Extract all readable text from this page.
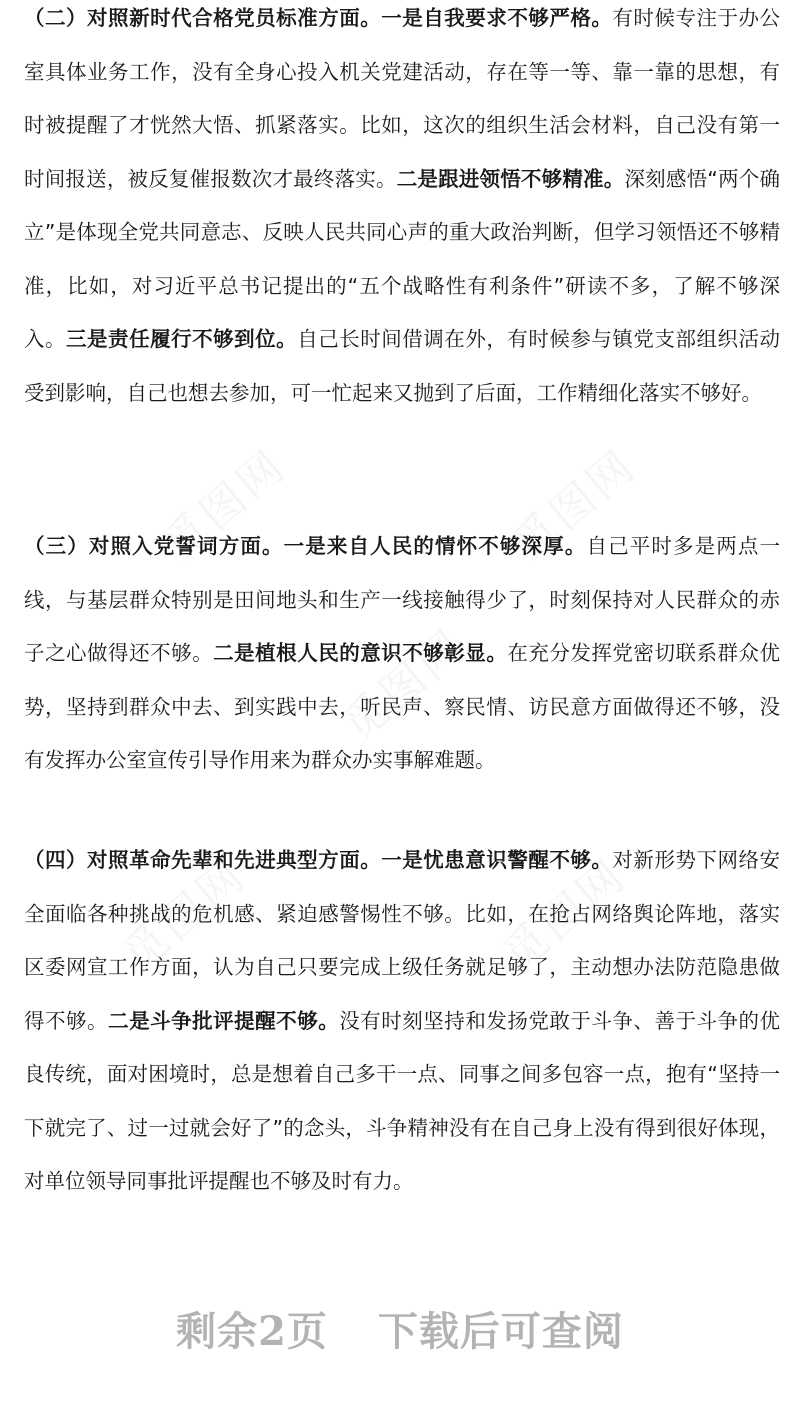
（二）对照新时代合格党员标准方面。一是自我要求不够严格。有时候专注于办公室具体业务工作，没有全身心投入机关党建活动，存在等一等、靠一靠的思想，有时被提醒了才恍然大悟、抓紧落实。比如，这次的组织生活会材料，自己没有第一时间报送，被反复催报数次才最终落实。二是跟进领悟不够精准。深刻感悟“两个确立”是体现全党共同意志、反映人民共同心声的重大政治判断，但学习领悟还不够精准，比如，对习近平总书记提出的“五个战略性有利条件”研读不多，了解不够深入。三是责任履行不够到位。自己长时间借调在外，有时候参与镇党支部组织活动受到影响，自己也想去参加，可一忙起来又抛到了后面，工作精细化落实不够好。

（三）对照入党誓词方面。一是来自人民的情怀不够深厚。自己平时多是两点一线，与基层群众特别是田间地头和生产一线接触得少了，时刻保持对人民群众的赤子之心做得还不够。二是植根人民的意识不够彰显。在充分发挥党密切联系群众优势，坚持到群众中去、到实践中去，听民声、察民情、访民意方面做得还不够，没有发挥办公室宣传引导作用来为群众办实事解难题。

（四）对照革命先辈和先进典型方面。一是忧患意识警醒不够。对新形势下网络安全面临各种挑战的危机感、紧迫感警惕性不够。比如，在抢占网络舆论阵地，落实区委网宣工作方面，认为自己只要完成上级任务就足够了，主动想办法防范隐患做得不够。二是斗争批评提醒不够。没有时刻坚持和发扬党敢于斗争、善于斗争的优良传统，面对困境时，总是想着自己多干一点、同事之间多包容一点，抱有“坚持一下就完了、过一过就会好了”的念头，斗争精神没有在自己身上没有得到很好体现，对单位领导同事批评提醒也不够及时有力。

剩余2页 下载后可查阅
